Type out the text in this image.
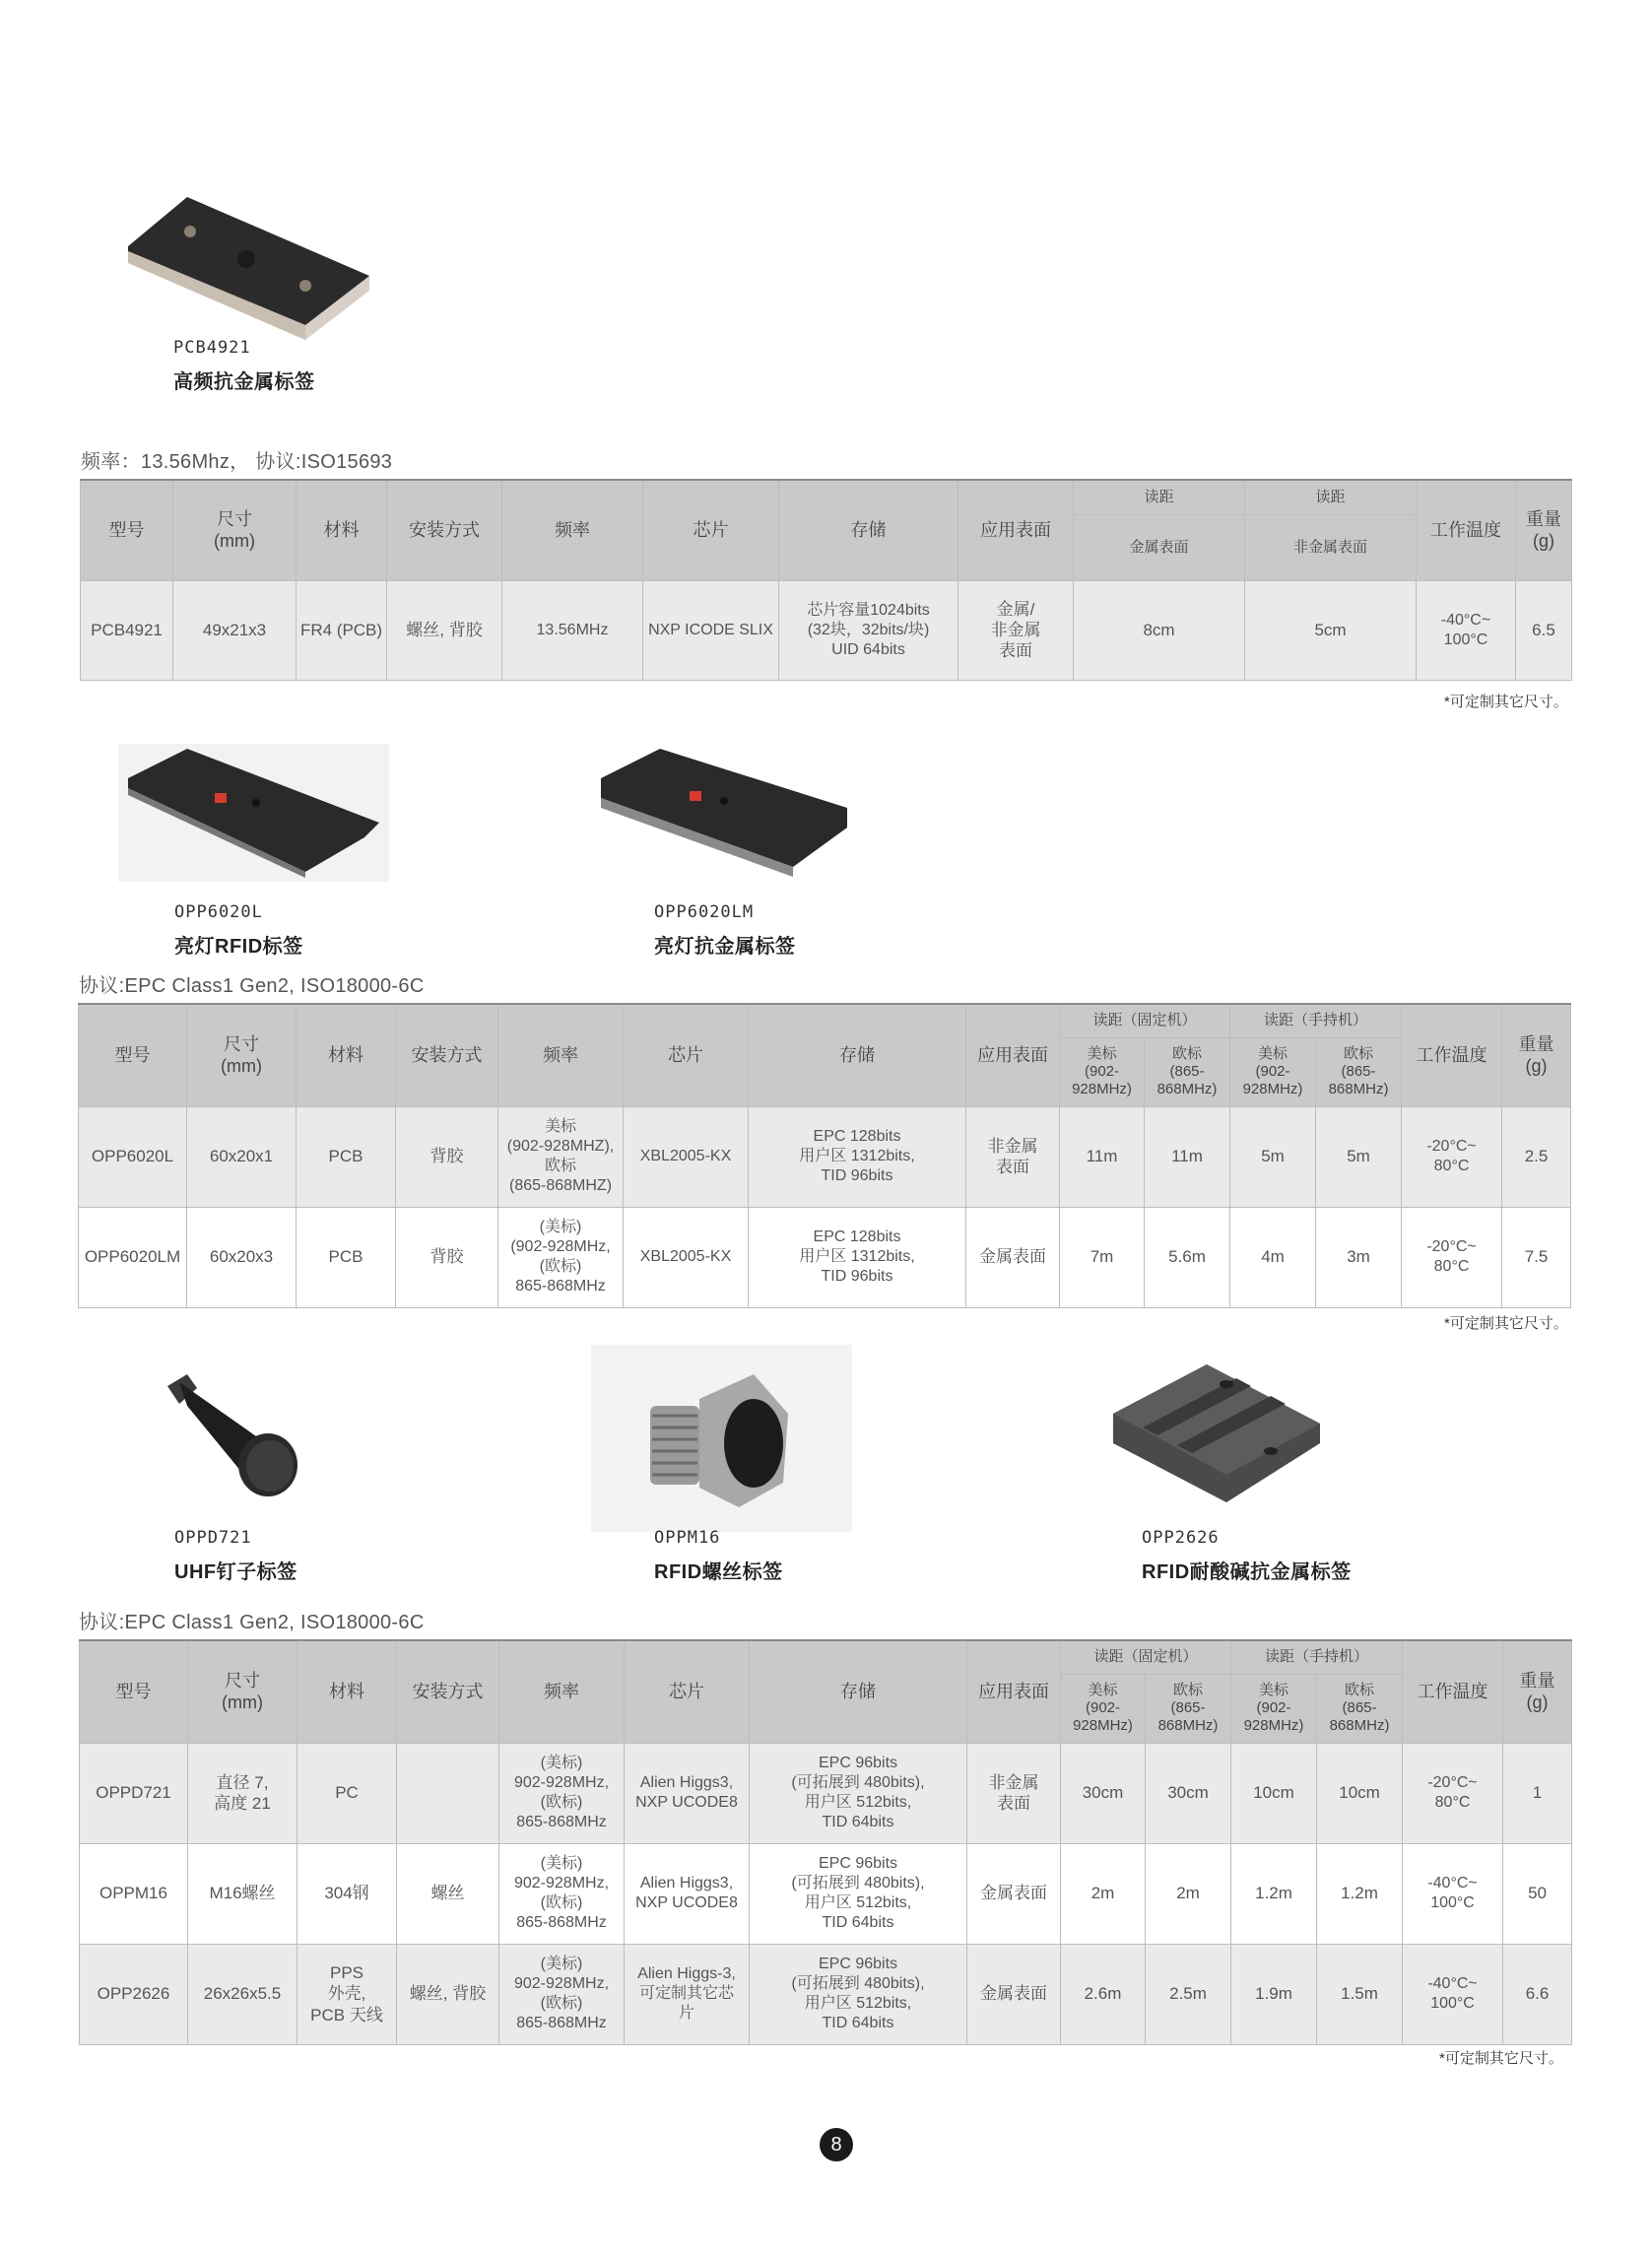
PCB4921
高频抗金属标签
频率：13.56Mhz， 协议:ISO15693
型号	尺寸
(mm)	材料	安装方式	频率	芯片	存储	应用表面	读距	读距	工作温度	重量
(g)
								金属表面	非金属表面		
PCB4921	49x21x3	FR4 (PCB)	螺丝, 背胶	13.56MHz	NXP ICODE SLIX	芯片容量1024bits
(32块，32bits/块)
UID 64bits	金属/
非金属
表面	8cm	5cm	-40°C~
100°C	6.5
*可定制其它尺寸。
OPP6020L
亮灯RFID标签
OPP6020LM
亮灯抗金属标签
协议:EPC Class1 Gen2, ISO18000-6C
型号	尺寸
(mm)	材料	安装方式	频率	芯片	存储	应用表面	读距（固定机）		读距（手持机）		工作温度	重量
(g)
								美标
(902-
928MHz)	欧标
(865-
868MHz)	美标
(902-
928MHz)	欧标
(865-
868MHz)		
OPP6020L	60x20x1	PCB	背胶	美标
(902-928MHZ),
欧标
(865-868MHZ)	XBL2005-KX	EPC 128bits
用户区 1312bits,
TID 96bits	非金属
表面	11m	11m	5m	5m	-20°C~
80°C	2.5
OPP6020LM	60x20x3	PCB	背胶	(美标)
(902-928MHz,
(欧标)
865-868MHz	XBL2005-KX	EPC 128bits
用户区 1312bits,
TID 96bits	金属表面	7m	5.6m	4m	3m	-20°C~
80°C	7.5
*可定制其它尺寸。
OPPD721
UHF钉子标签
OPPM16
RFID螺丝标签
OPP2626
RFID耐酸碱抗金属标签
协议:EPC Class1 Gen2, ISO18000-6C
型号	尺寸
(mm)	材料	安装方式	频率	芯片	存储	应用表面	读距（固定机）		读距（手持机）		工作温度	重量
(g)
								美标
(902-
928MHz)	欧标
(865-
868MHz)	美标
(902-
928MHz)	欧标
(865-
868MHz)		
OPPD721	直径 7,
高度 21	PC		(美标)
902-928MHz,
(欧标)
865-868MHz	Alien Higgs3,
NXP UCODE8	EPC 96bits
(可拓展到 480bits),
用户区 512bits,
TID 64bits	非金属
表面	30cm	30cm	10cm	10cm	-20°C~
80°C	1
OPPM16	M16螺丝	304钢	螺丝	(美标)
902-928MHz,
(欧标)
865-868MHz	Alien Higgs3,
NXP UCODE8	EPC 96bits
(可拓展到 480bits),
用户区 512bits,
TID 64bits	金属表面	2m	2m	1.2m	1.2m	-40°C~
100°C	50
OPP2626	26x26x5.5	PPS
外壳,
PCB 天线	螺丝, 背胶	(美标)
902-928MHz,
(欧标)
865-868MHz	Alien Higgs-3,
可定制其它芯
片	EPC 96bits
(可拓展到 480bits),
用户区 512bits,
TID 64bits	金属表面	2.6m	2.5m	1.9m	1.5m	-40°C~
100°C	6.6
*可定制其它尺寸。
8
